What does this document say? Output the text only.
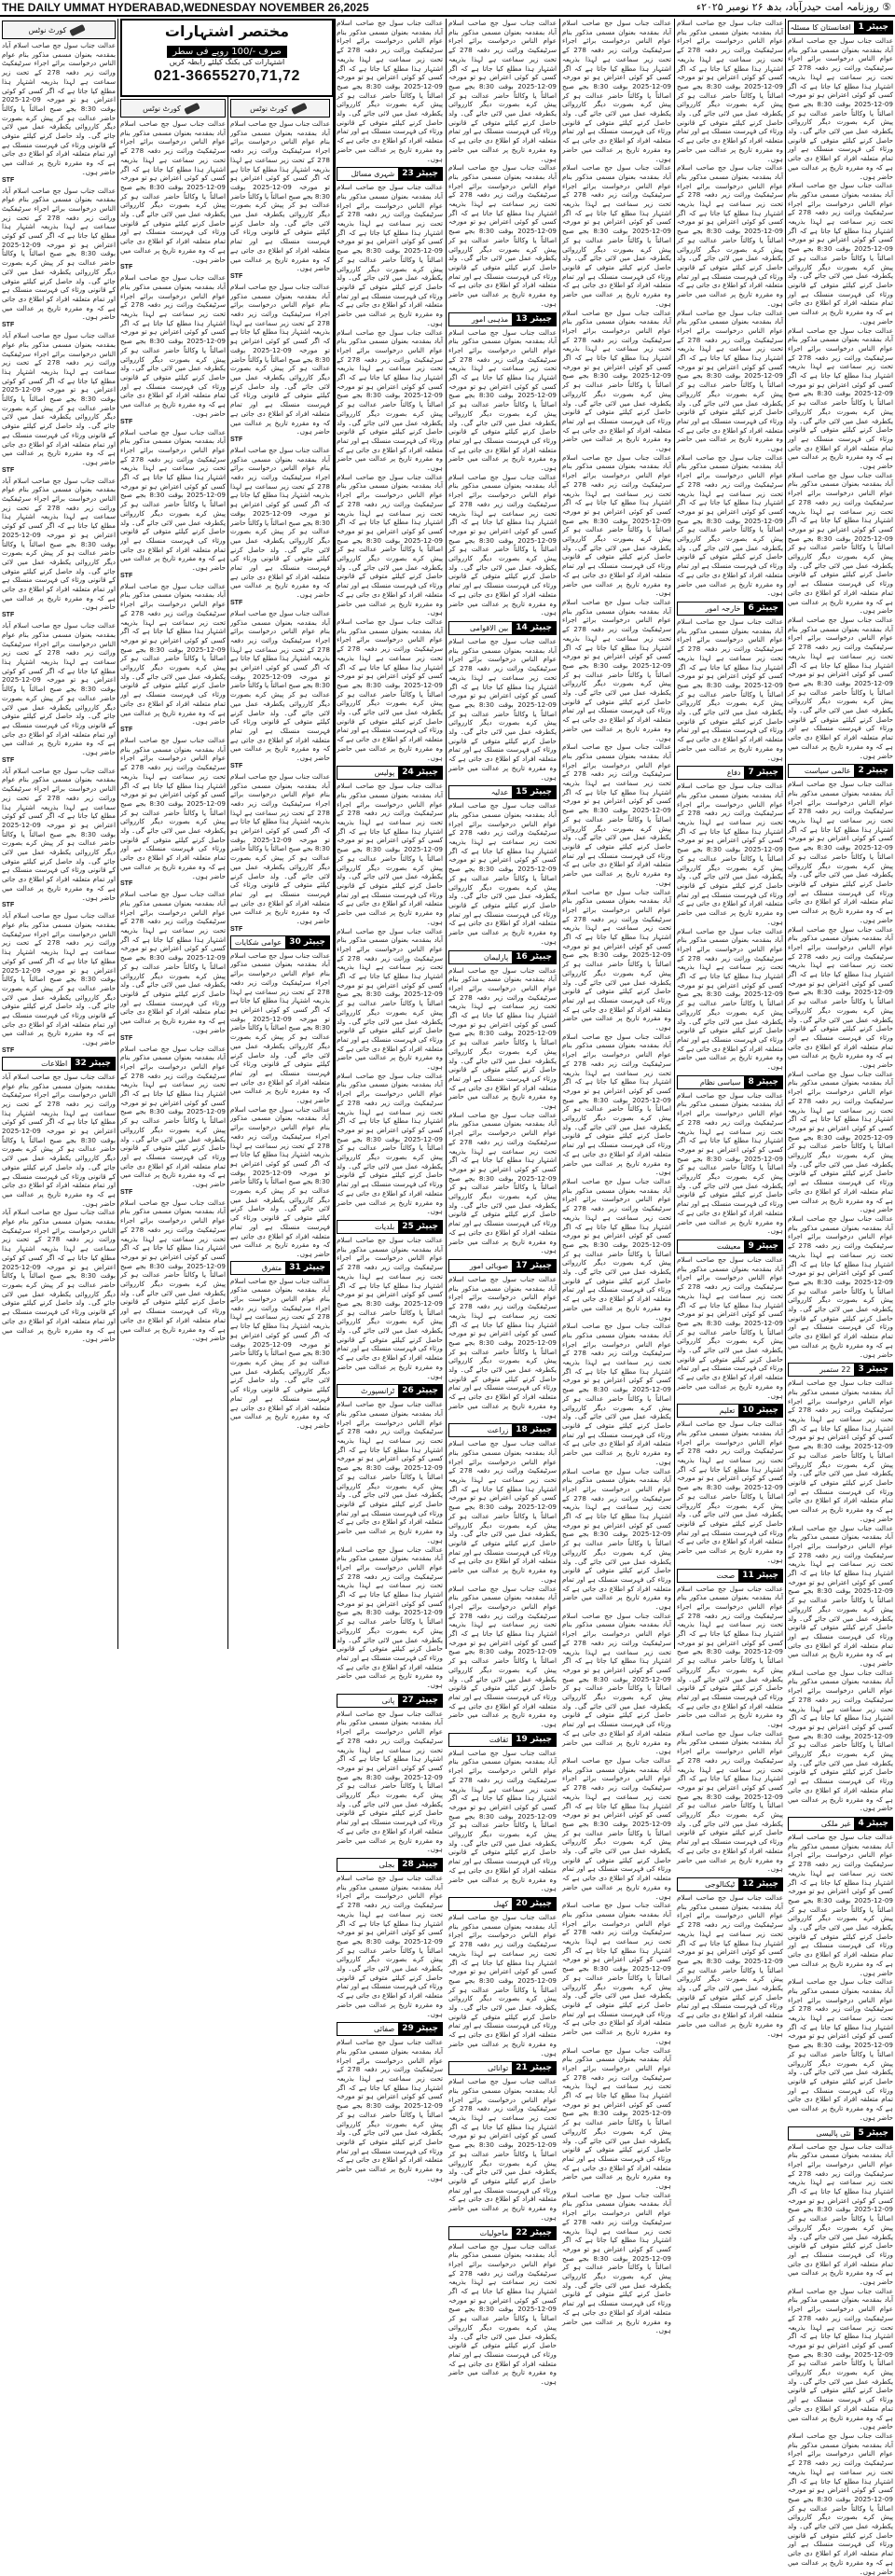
THE DAILY UMMAT HYDERABAD,WEDNESDAY NOVEMBER 26,2025	⑤ روزنامہ امت حیدرآباد، بدھ ۲۶ نومبر ۲۰۲۵ء
چیپٹر 1
افغانستان کا مسئلہ

عدالت جناب سول جج صاحب اسلام آباد بمقدمہ بعنوان مسمی مذکور بنام عوام الناس درخواست برائے اجراء سرٹیفکیٹ وراثت زیر دفعہ 278 کے تحت زیر سماعت ہے لہذا بذریعہ اشتہار ہذا مطلع کیا جاتا ہے کہ اگر کسی کو کوئی اعتراض ہو تو مورخہ 09-12-2025 بوقت 8:30 بجے صبح اصالتاً یا وکالتاً حاضر عدالت ہو کر پیش کرے بصورت دیگر کارروائی یکطرفہ عمل میں لائی جائے گی۔ ولد حاصل کرنے کیلئے متوفی کے قانونی ورثاء کی فہرست منسلک ہے اور تمام متعلقہ افراد کو اطلاع دی جاتی ہے کہ وہ مقررہ تاریخ پر عدالت میں حاضر ہوں۔

عدالت جناب سول جج صاحب اسلام آباد بمقدمہ بعنوان مسمی مذکور بنام عوام الناس درخواست برائے اجراء سرٹیفکیٹ وراثت زیر دفعہ 278 کے تحت زیر سماعت ہے لہذا بذریعہ اشتہار ہذا مطلع کیا جاتا ہے کہ اگر کسی کو کوئی اعتراض ہو تو مورخہ 09-12-2025 بوقت 8:30 بجے صبح اصالتاً یا وکالتاً حاضر عدالت ہو کر پیش کرے بصورت دیگر کارروائی یکطرفہ عمل میں لائی جائے گی۔ ولد حاصل کرنے کیلئے متوفی کے قانونی ورثاء کی فہرست منسلک ہے اور تمام متعلقہ افراد کو اطلاع دی جاتی ہے کہ وہ مقررہ تاریخ پر عدالت میں حاضر ہوں۔

عدالت جناب سول جج صاحب اسلام آباد بمقدمہ بعنوان مسمی مذکور بنام عوام الناس درخواست برائے اجراء سرٹیفکیٹ وراثت زیر دفعہ 278 کے تحت زیر سماعت ہے لہذا بذریعہ اشتہار ہذا مطلع کیا جاتا ہے کہ اگر کسی کو کوئی اعتراض ہو تو مورخہ 09-12-2025 بوقت 8:30 بجے صبح اصالتاً یا وکالتاً حاضر عدالت ہو کر پیش کرے بصورت دیگر کارروائی یکطرفہ عمل میں لائی جائے گی۔ ولد حاصل کرنے کیلئے متوفی کے قانونی ورثاء کی فہرست منسلک ہے اور تمام متعلقہ افراد کو اطلاع دی جاتی ہے کہ وہ مقررہ تاریخ پر عدالت میں حاضر ہوں۔

عدالت جناب سول جج صاحب اسلام آباد بمقدمہ بعنوان مسمی مذکور بنام عوام الناس درخواست برائے اجراء سرٹیفکیٹ وراثت زیر دفعہ 278 کے تحت زیر سماعت ہے لہذا بذریعہ اشتہار ہذا مطلع کیا جاتا ہے کہ اگر کسی کو کوئی اعتراض ہو تو مورخہ 09-12-2025 بوقت 8:30 بجے صبح اصالتاً یا وکالتاً حاضر عدالت ہو کر پیش کرے بصورت دیگر کارروائی یکطرفہ عمل میں لائی جائے گی۔ ولد حاصل کرنے کیلئے متوفی کے قانونی ورثاء کی فہرست منسلک ہے اور تمام متعلقہ افراد کو اطلاع دی جاتی ہے کہ وہ مقررہ تاریخ پر عدالت میں حاضر ہوں۔

عدالت جناب سول جج صاحب اسلام آباد بمقدمہ بعنوان مسمی مذکور بنام عوام الناس درخواست برائے اجراء سرٹیفکیٹ وراثت زیر دفعہ 278 کے تحت زیر سماعت ہے لہذا بذریعہ اشتہار ہذا مطلع کیا جاتا ہے کہ اگر کسی کو کوئی اعتراض ہو تو مورخہ 09-12-2025 بوقت 8:30 بجے صبح اصالتاً یا وکالتاً حاضر عدالت ہو کر پیش کرے بصورت دیگر کارروائی یکطرفہ عمل میں لائی جائے گی۔ ولد حاصل کرنے کیلئے متوفی کے قانونی ورثاء کی فہرست منسلک ہے اور تمام متعلقہ افراد کو اطلاع دی جاتی ہے کہ وہ مقررہ تاریخ پر عدالت میں حاضر ہوں۔

چیپٹر 2
عالمی سیاست

عدالت جناب سول جج صاحب اسلام آباد بمقدمہ بعنوان مسمی مذکور بنام عوام الناس درخواست برائے اجراء سرٹیفکیٹ وراثت زیر دفعہ 278 کے تحت زیر سماعت ہے لہذا بذریعہ اشتہار ہذا مطلع کیا جاتا ہے کہ اگر کسی کو کوئی اعتراض ہو تو مورخہ 09-12-2025 بوقت 8:30 بجے صبح اصالتاً یا وکالتاً حاضر عدالت ہو کر پیش کرے بصورت دیگر کارروائی یکطرفہ عمل میں لائی جائے گی۔ ولد حاصل کرنے کیلئے متوفی کے قانونی ورثاء کی فہرست منسلک ہے اور تمام متعلقہ افراد کو اطلاع دی جاتی ہے کہ وہ مقررہ تاریخ پر عدالت میں حاضر ہوں۔

عدالت جناب سول جج صاحب اسلام آباد بمقدمہ بعنوان مسمی مذکور بنام عوام الناس درخواست برائے اجراء سرٹیفکیٹ وراثت زیر دفعہ 278 کے تحت زیر سماعت ہے لہذا بذریعہ اشتہار ہذا مطلع کیا جاتا ہے کہ اگر کسی کو کوئی اعتراض ہو تو مورخہ 09-12-2025 بوقت 8:30 بجے صبح اصالتاً یا وکالتاً حاضر عدالت ہو کر پیش کرے بصورت دیگر کارروائی یکطرفہ عمل میں لائی جائے گی۔ ولد حاصل کرنے کیلئے متوفی کے قانونی ورثاء کی فہرست منسلک ہے اور تمام متعلقہ افراد کو اطلاع دی جاتی ہے کہ وہ مقررہ تاریخ پر عدالت میں حاضر ہوں۔

عدالت جناب سول جج صاحب اسلام آباد بمقدمہ بعنوان مسمی مذکور بنام عوام الناس درخواست برائے اجراء سرٹیفکیٹ وراثت زیر دفعہ 278 کے تحت زیر سماعت ہے لہذا بذریعہ اشتہار ہذا مطلع کیا جاتا ہے کہ اگر کسی کو کوئی اعتراض ہو تو مورخہ 09-12-2025 بوقت 8:30 بجے صبح اصالتاً یا وکالتاً حاضر عدالت ہو کر پیش کرے بصورت دیگر کارروائی یکطرفہ عمل میں لائی جائے گی۔ ولد حاصل کرنے کیلئے متوفی کے قانونی ورثاء کی فہرست منسلک ہے اور تمام متعلقہ افراد کو اطلاع دی جاتی ہے کہ وہ مقررہ تاریخ پر عدالت میں حاضر ہوں۔

عدالت جناب سول جج صاحب اسلام آباد بمقدمہ بعنوان مسمی مذکور بنام عوام الناس درخواست برائے اجراء سرٹیفکیٹ وراثت زیر دفعہ 278 کے تحت زیر سماعت ہے لہذا بذریعہ اشتہار ہذا مطلع کیا جاتا ہے کہ اگر کسی کو کوئی اعتراض ہو تو مورخہ 09-12-2025 بوقت 8:30 بجے صبح اصالتاً یا وکالتاً حاضر عدالت ہو کر پیش کرے بصورت دیگر کارروائی یکطرفہ عمل میں لائی جائے گی۔ ولد حاصل کرنے کیلئے متوفی کے قانونی ورثاء کی فہرست منسلک ہے اور تمام متعلقہ افراد کو اطلاع دی جاتی ہے کہ وہ مقررہ تاریخ پر عدالت میں حاضر ہوں۔

چیپٹر 3
22 ستمبر

عدالت جناب سول جج صاحب اسلام آباد بمقدمہ بعنوان مسمی مذکور بنام عوام الناس درخواست برائے اجراء سرٹیفکیٹ وراثت زیر دفعہ 278 کے تحت زیر سماعت ہے لہذا بذریعہ اشتہار ہذا مطلع کیا جاتا ہے کہ اگر کسی کو کوئی اعتراض ہو تو مورخہ 09-12-2025 بوقت 8:30 بجے صبح اصالتاً یا وکالتاً حاضر عدالت ہو کر پیش کرے بصورت دیگر کارروائی یکطرفہ عمل میں لائی جائے گی۔ ولد حاصل کرنے کیلئے متوفی کے قانونی ورثاء کی فہرست منسلک ہے اور تمام متعلقہ افراد کو اطلاع دی جاتی ہے کہ وہ مقررہ تاریخ پر عدالت میں حاضر ہوں۔

عدالت جناب سول جج صاحب اسلام آباد بمقدمہ بعنوان مسمی مذکور بنام عوام الناس درخواست برائے اجراء سرٹیفکیٹ وراثت زیر دفعہ 278 کے تحت زیر سماعت ہے لہذا بذریعہ اشتہار ہذا مطلع کیا جاتا ہے کہ اگر کسی کو کوئی اعتراض ہو تو مورخہ 09-12-2025 بوقت 8:30 بجے صبح اصالتاً یا وکالتاً حاضر عدالت ہو کر پیش کرے بصورت دیگر کارروائی یکطرفہ عمل میں لائی جائے گی۔ ولد حاصل کرنے کیلئے متوفی کے قانونی ورثاء کی فہرست منسلک ہے اور تمام متعلقہ افراد کو اطلاع دی جاتی ہے کہ وہ مقررہ تاریخ پر عدالت میں حاضر ہوں۔

عدالت جناب سول جج صاحب اسلام آباد بمقدمہ بعنوان مسمی مذکور بنام عوام الناس درخواست برائے اجراء سرٹیفکیٹ وراثت زیر دفعہ 278 کے تحت زیر سماعت ہے لہذا بذریعہ اشتہار ہذا مطلع کیا جاتا ہے کہ اگر کسی کو کوئی اعتراض ہو تو مورخہ 09-12-2025 بوقت 8:30 بجے صبح اصالتاً یا وکالتاً حاضر عدالت ہو کر پیش کرے بصورت دیگر کارروائی یکطرفہ عمل میں لائی جائے گی۔ ولد حاصل کرنے کیلئے متوفی کے قانونی ورثاء کی فہرست منسلک ہے اور تمام متعلقہ افراد کو اطلاع دی جاتی ہے کہ وہ مقررہ تاریخ پر عدالت میں حاضر ہوں۔

چیپٹر 4
غیر ملکی

عدالت جناب سول جج صاحب اسلام آباد بمقدمہ بعنوان مسمی مذکور بنام عوام الناس درخواست برائے اجراء سرٹیفکیٹ وراثت زیر دفعہ 278 کے تحت زیر سماعت ہے لہذا بذریعہ اشتہار ہذا مطلع کیا جاتا ہے کہ اگر کسی کو کوئی اعتراض ہو تو مورخہ 09-12-2025 بوقت 8:30 بجے صبح اصالتاً یا وکالتاً حاضر عدالت ہو کر پیش کرے بصورت دیگر کارروائی یکطرفہ عمل میں لائی جائے گی۔ ولد حاصل کرنے کیلئے متوفی کے قانونی ورثاء کی فہرست منسلک ہے اور تمام متعلقہ افراد کو اطلاع دی جاتی ہے کہ وہ مقررہ تاریخ پر عدالت میں حاضر ہوں۔

عدالت جناب سول جج صاحب اسلام آباد بمقدمہ بعنوان مسمی مذکور بنام عوام الناس درخواست برائے اجراء سرٹیفکیٹ وراثت زیر دفعہ 278 کے تحت زیر سماعت ہے لہذا بذریعہ اشتہار ہذا مطلع کیا جاتا ہے کہ اگر کسی کو کوئی اعتراض ہو تو مورخہ 09-12-2025 بوقت 8:30 بجے صبح اصالتاً یا وکالتاً حاضر عدالت ہو کر پیش کرے بصورت دیگر کارروائی یکطرفہ عمل میں لائی جائے گی۔ ولد حاصل کرنے کیلئے متوفی کے قانونی ورثاء کی فہرست منسلک ہے اور تمام متعلقہ افراد کو اطلاع دی جاتی ہے کہ وہ مقررہ تاریخ پر عدالت میں حاضر ہوں۔

چیپٹر 5
نئی پالیسی

عدالت جناب سول جج صاحب اسلام آباد بمقدمہ بعنوان مسمی مذکور بنام عوام الناس درخواست برائے اجراء سرٹیفکیٹ وراثت زیر دفعہ 278 کے تحت زیر سماعت ہے لہذا بذریعہ اشتہار ہذا مطلع کیا جاتا ہے کہ اگر کسی کو کوئی اعتراض ہو تو مورخہ 09-12-2025 بوقت 8:30 بجے صبح اصالتاً یا وکالتاً حاضر عدالت ہو کر پیش کرے بصورت دیگر کارروائی یکطرفہ عمل میں لائی جائے گی۔ ولد حاصل کرنے کیلئے متوفی کے قانونی ورثاء کی فہرست منسلک ہے اور تمام متعلقہ افراد کو اطلاع دی جاتی ہے کہ وہ مقررہ تاریخ پر عدالت میں حاضر ہوں۔

عدالت جناب سول جج صاحب اسلام آباد بمقدمہ بعنوان مسمی مذکور بنام عوام الناس درخواست برائے اجراء سرٹیفکیٹ وراثت زیر دفعہ 278 کے تحت زیر سماعت ہے لہذا بذریعہ اشتہار ہذا مطلع کیا جاتا ہے کہ اگر کسی کو کوئی اعتراض ہو تو مورخہ 09-12-2025 بوقت 8:30 بجے صبح اصالتاً یا وکالتاً حاضر عدالت ہو کر پیش کرے بصورت دیگر کارروائی یکطرفہ عمل میں لائی جائے گی۔ ولد حاصل کرنے کیلئے متوفی کے قانونی ورثاء کی فہرست منسلک ہے اور تمام متعلقہ افراد کو اطلاع دی جاتی ہے کہ وہ مقررہ تاریخ پر عدالت میں حاضر ہوں۔

عدالت جناب سول جج صاحب اسلام آباد بمقدمہ بعنوان مسمی مذکور بنام عوام الناس درخواست برائے اجراء سرٹیفکیٹ وراثت زیر دفعہ 278 کے تحت زیر سماعت ہے لہذا بذریعہ اشتہار ہذا مطلع کیا جاتا ہے کہ اگر کسی کو کوئی اعتراض ہو تو مورخہ 09-12-2025 بوقت 8:30 بجے صبح اصالتاً یا وکالتاً حاضر عدالت ہو کر پیش کرے بصورت دیگر کارروائی یکطرفہ عمل میں لائی جائے گی۔ ولد حاصل کرنے کیلئے متوفی کے قانونی ورثاء کی فہرست منسلک ہے اور تمام متعلقہ افراد کو اطلاع دی جاتی ہے کہ وہ مقررہ تاریخ پر عدالت میں حاضر ہوں۔

عدالت جناب سول جج صاحب اسلام آباد بمقدمہ بعنوان مسمی مذکور بنام عوام الناس درخواست برائے اجراء سرٹیفکیٹ وراثت زیر دفعہ 278 کے تحت زیر سماعت ہے لہذا بذریعہ اشتہار ہذا مطلع کیا جاتا ہے کہ اگر کسی کو کوئی اعتراض ہو تو مورخہ 09-12-2025 بوقت 8:30 بجے صبح اصالتاً یا وکالتاً حاضر عدالت ہو کر پیش کرے بصورت دیگر کارروائی یکطرفہ عمل میں لائی جائے گی۔ ولد حاصل کرنے کیلئے متوفی کے قانونی ورثاء کی فہرست منسلک ہے اور تمام متعلقہ افراد کو اطلاع دی جاتی ہے کہ وہ مقررہ تاریخ پر عدالت میں حاضر ہوں۔

عدالت جناب سول جج صاحب اسلام آباد بمقدمہ بعنوان مسمی مذکور بنام عوام الناس درخواست برائے اجراء سرٹیفکیٹ وراثت زیر دفعہ 278 کے تحت زیر سماعت ہے لہذا بذریعہ اشتہار ہذا مطلع کیا جاتا ہے کہ اگر کسی کو کوئی اعتراض ہو تو مورخہ 09-12-2025 بوقت 8:30 بجے صبح اصالتاً یا وکالتاً حاضر عدالت ہو کر پیش کرے بصورت دیگر کارروائی یکطرفہ عمل میں لائی جائے گی۔ ولد حاصل کرنے کیلئے متوفی کے قانونی ورثاء کی فہرست منسلک ہے اور تمام متعلقہ افراد کو اطلاع دی جاتی ہے کہ وہ مقررہ تاریخ پر عدالت میں حاضر ہوں۔

عدالت جناب سول جج صاحب اسلام آباد بمقدمہ بعنوان مسمی مذکور بنام عوام الناس درخواست برائے اجراء سرٹیفکیٹ وراثت زیر دفعہ 278 کے تحت زیر سماعت ہے لہذا بذریعہ اشتہار ہذا مطلع کیا جاتا ہے کہ اگر کسی کو کوئی اعتراض ہو تو مورخہ 09-12-2025 بوقت 8:30 بجے صبح اصالتاً یا وکالتاً حاضر عدالت ہو کر پیش کرے بصورت دیگر کارروائی یکطرفہ عمل میں لائی جائے گی۔ ولد حاصل کرنے کیلئے متوفی کے قانونی ورثاء کی فہرست منسلک ہے اور تمام متعلقہ افراد کو اطلاع دی جاتی ہے کہ وہ مقررہ تاریخ پر عدالت میں حاضر ہوں۔

عدالت جناب سول جج صاحب اسلام آباد بمقدمہ بعنوان مسمی مذکور بنام عوام الناس درخواست برائے اجراء سرٹیفکیٹ وراثت زیر دفعہ 278 کے تحت زیر سماعت ہے لہذا بذریعہ اشتہار ہذا مطلع کیا جاتا ہے کہ اگر کسی کو کوئی اعتراض ہو تو مورخہ 09-12-2025 بوقت 8:30 بجے صبح اصالتاً یا وکالتاً حاضر عدالت ہو کر پیش کرے بصورت دیگر کارروائی یکطرفہ عمل میں لائی جائے گی۔ ولد حاصل کرنے کیلئے متوفی کے قانونی ورثاء کی فہرست منسلک ہے اور تمام متعلقہ افراد کو اطلاع دی جاتی ہے کہ وہ مقررہ تاریخ پر عدالت میں حاضر ہوں۔

چیپٹر 6
خارجہ امور

عدالت جناب سول جج صاحب اسلام آباد بمقدمہ بعنوان مسمی مذکور بنام عوام الناس درخواست برائے اجراء سرٹیفکیٹ وراثت زیر دفعہ 278 کے تحت زیر سماعت ہے لہذا بذریعہ اشتہار ہذا مطلع کیا جاتا ہے کہ اگر کسی کو کوئی اعتراض ہو تو مورخہ 09-12-2025 بوقت 8:30 بجے صبح اصالتاً یا وکالتاً حاضر عدالت ہو کر پیش کرے بصورت دیگر کارروائی یکطرفہ عمل میں لائی جائے گی۔ ولد حاصل کرنے کیلئے متوفی کے قانونی ورثاء کی فہرست منسلک ہے اور تمام متعلقہ افراد کو اطلاع دی جاتی ہے کہ وہ مقررہ تاریخ پر عدالت میں حاضر ہوں۔

چیپٹر 7
دفاع

عدالت جناب سول جج صاحب اسلام آباد بمقدمہ بعنوان مسمی مذکور بنام عوام الناس درخواست برائے اجراء سرٹیفکیٹ وراثت زیر دفعہ 278 کے تحت زیر سماعت ہے لہذا بذریعہ اشتہار ہذا مطلع کیا جاتا ہے کہ اگر کسی کو کوئی اعتراض ہو تو مورخہ 09-12-2025 بوقت 8:30 بجے صبح اصالتاً یا وکالتاً حاضر عدالت ہو کر پیش کرے بصورت دیگر کارروائی یکطرفہ عمل میں لائی جائے گی۔ ولد حاصل کرنے کیلئے متوفی کے قانونی ورثاء کی فہرست منسلک ہے اور تمام متعلقہ افراد کو اطلاع دی جاتی ہے کہ وہ مقررہ تاریخ پر عدالت میں حاضر ہوں۔

عدالت جناب سول جج صاحب اسلام آباد بمقدمہ بعنوان مسمی مذکور بنام عوام الناس درخواست برائے اجراء سرٹیفکیٹ وراثت زیر دفعہ 278 کے تحت زیر سماعت ہے لہذا بذریعہ اشتہار ہذا مطلع کیا جاتا ہے کہ اگر کسی کو کوئی اعتراض ہو تو مورخہ 09-12-2025 بوقت 8:30 بجے صبح اصالتاً یا وکالتاً حاضر عدالت ہو کر پیش کرے بصورت دیگر کارروائی یکطرفہ عمل میں لائی جائے گی۔ ولد حاصل کرنے کیلئے متوفی کے قانونی ورثاء کی فہرست منسلک ہے اور تمام متعلقہ افراد کو اطلاع دی جاتی ہے کہ وہ مقررہ تاریخ پر عدالت میں حاضر ہوں۔

چیپٹر 8
سیاسی نظام

عدالت جناب سول جج صاحب اسلام آباد بمقدمہ بعنوان مسمی مذکور بنام عوام الناس درخواست برائے اجراء سرٹیفکیٹ وراثت زیر دفعہ 278 کے تحت زیر سماعت ہے لہذا بذریعہ اشتہار ہذا مطلع کیا جاتا ہے کہ اگر کسی کو کوئی اعتراض ہو تو مورخہ 09-12-2025 بوقت 8:30 بجے صبح اصالتاً یا وکالتاً حاضر عدالت ہو کر پیش کرے بصورت دیگر کارروائی یکطرفہ عمل میں لائی جائے گی۔ ولد حاصل کرنے کیلئے متوفی کے قانونی ورثاء کی فہرست منسلک ہے اور تمام متعلقہ افراد کو اطلاع دی جاتی ہے کہ وہ مقررہ تاریخ پر عدالت میں حاضر ہوں۔

چیپٹر 9
معیشت

عدالت جناب سول جج صاحب اسلام آباد بمقدمہ بعنوان مسمی مذکور بنام عوام الناس درخواست برائے اجراء سرٹیفکیٹ وراثت زیر دفعہ 278 کے تحت زیر سماعت ہے لہذا بذریعہ اشتہار ہذا مطلع کیا جاتا ہے کہ اگر کسی کو کوئی اعتراض ہو تو مورخہ 09-12-2025 بوقت 8:30 بجے صبح اصالتاً یا وکالتاً حاضر عدالت ہو کر پیش کرے بصورت دیگر کارروائی یکطرفہ عمل میں لائی جائے گی۔ ولد حاصل کرنے کیلئے متوفی کے قانونی ورثاء کی فہرست منسلک ہے اور تمام متعلقہ افراد کو اطلاع دی جاتی ہے کہ وہ مقررہ تاریخ پر عدالت میں حاضر ہوں۔

چیپٹر 10
تعلیم

عدالت جناب سول جج صاحب اسلام آباد بمقدمہ بعنوان مسمی مذکور بنام عوام الناس درخواست برائے اجراء سرٹیفکیٹ وراثت زیر دفعہ 278 کے تحت زیر سماعت ہے لہذا بذریعہ اشتہار ہذا مطلع کیا جاتا ہے کہ اگر کسی کو کوئی اعتراض ہو تو مورخہ 09-12-2025 بوقت 8:30 بجے صبح اصالتاً یا وکالتاً حاضر عدالت ہو کر پیش کرے بصورت دیگر کارروائی یکطرفہ عمل میں لائی جائے گی۔ ولد حاصل کرنے کیلئے متوفی کے قانونی ورثاء کی فہرست منسلک ہے اور تمام متعلقہ افراد کو اطلاع دی جاتی ہے کہ وہ مقررہ تاریخ پر عدالت میں حاضر ہوں۔

چیپٹر 11
صحت

عدالت جناب سول جج صاحب اسلام آباد بمقدمہ بعنوان مسمی مذکور بنام عوام الناس درخواست برائے اجراء سرٹیفکیٹ وراثت زیر دفعہ 278 کے تحت زیر سماعت ہے لہذا بذریعہ اشتہار ہذا مطلع کیا جاتا ہے کہ اگر کسی کو کوئی اعتراض ہو تو مورخہ 09-12-2025 بوقت 8:30 بجے صبح اصالتاً یا وکالتاً حاضر عدالت ہو کر پیش کرے بصورت دیگر کارروائی یکطرفہ عمل میں لائی جائے گی۔ ولد حاصل کرنے کیلئے متوفی کے قانونی ورثاء کی فہرست منسلک ہے اور تمام متعلقہ افراد کو اطلاع دی جاتی ہے کہ وہ مقررہ تاریخ پر عدالت میں حاضر ہوں۔

عدالت جناب سول جج صاحب اسلام آباد بمقدمہ بعنوان مسمی مذکور بنام عوام الناس درخواست برائے اجراء سرٹیفکیٹ وراثت زیر دفعہ 278 کے تحت زیر سماعت ہے لہذا بذریعہ اشتہار ہذا مطلع کیا جاتا ہے کہ اگر کسی کو کوئی اعتراض ہو تو مورخہ 09-12-2025 بوقت 8:30 بجے صبح اصالتاً یا وکالتاً حاضر عدالت ہو کر پیش کرے بصورت دیگر کارروائی یکطرفہ عمل میں لائی جائے گی۔ ولد حاصل کرنے کیلئے متوفی کے قانونی ورثاء کی فہرست منسلک ہے اور تمام متعلقہ افراد کو اطلاع دی جاتی ہے کہ وہ مقررہ تاریخ پر عدالت میں حاضر ہوں۔

چیپٹر 12
ٹیکنالوجی

عدالت جناب سول جج صاحب اسلام آباد بمقدمہ بعنوان مسمی مذکور بنام عوام الناس درخواست برائے اجراء سرٹیفکیٹ وراثت زیر دفعہ 278 کے تحت زیر سماعت ہے لہذا بذریعہ اشتہار ہذا مطلع کیا جاتا ہے کہ اگر کسی کو کوئی اعتراض ہو تو مورخہ 09-12-2025 بوقت 8:30 بجے صبح اصالتاً یا وکالتاً حاضر عدالت ہو کر پیش کرے بصورت دیگر کارروائی یکطرفہ عمل میں لائی جائے گی۔ ولد حاصل کرنے کیلئے متوفی کے قانونی ورثاء کی فہرست منسلک ہے اور تمام متعلقہ افراد کو اطلاع دی جاتی ہے کہ وہ مقررہ تاریخ پر عدالت میں حاضر ہوں۔

عدالت جناب سول جج صاحب اسلام آباد بمقدمہ بعنوان مسمی مذکور بنام عوام الناس درخواست برائے اجراء سرٹیفکیٹ وراثت زیر دفعہ 278 کے تحت زیر سماعت ہے لہذا بذریعہ اشتہار ہذا مطلع کیا جاتا ہے کہ اگر کسی کو کوئی اعتراض ہو تو مورخہ 09-12-2025 بوقت 8:30 بجے صبح اصالتاً یا وکالتاً حاضر عدالت ہو کر پیش کرے بصورت دیگر کارروائی یکطرفہ عمل میں لائی جائے گی۔ ولد حاصل کرنے کیلئے متوفی کے قانونی ورثاء کی فہرست منسلک ہے اور تمام متعلقہ افراد کو اطلاع دی جاتی ہے کہ وہ مقررہ تاریخ پر عدالت میں حاضر ہوں۔

عدالت جناب سول جج صاحب اسلام آباد بمقدمہ بعنوان مسمی مذکور بنام عوام الناس درخواست برائے اجراء سرٹیفکیٹ وراثت زیر دفعہ 278 کے تحت زیر سماعت ہے لہذا بذریعہ اشتہار ہذا مطلع کیا جاتا ہے کہ اگر کسی کو کوئی اعتراض ہو تو مورخہ 09-12-2025 بوقت 8:30 بجے صبح اصالتاً یا وکالتاً حاضر عدالت ہو کر پیش کرے بصورت دیگر کارروائی یکطرفہ عمل میں لائی جائے گی۔ ولد حاصل کرنے کیلئے متوفی کے قانونی ورثاء کی فہرست منسلک ہے اور تمام متعلقہ افراد کو اطلاع دی جاتی ہے کہ وہ مقررہ تاریخ پر عدالت میں حاضر ہوں۔

عدالت جناب سول جج صاحب اسلام آباد بمقدمہ بعنوان مسمی مذکور بنام عوام الناس درخواست برائے اجراء سرٹیفکیٹ وراثت زیر دفعہ 278 کے تحت زیر سماعت ہے لہذا بذریعہ اشتہار ہذا مطلع کیا جاتا ہے کہ اگر کسی کو کوئی اعتراض ہو تو مورخہ 09-12-2025 بوقت 8:30 بجے صبح اصالتاً یا وکالتاً حاضر عدالت ہو کر پیش کرے بصورت دیگر کارروائی یکطرفہ عمل میں لائی جائے گی۔ ولد حاصل کرنے کیلئے متوفی کے قانونی ورثاء کی فہرست منسلک ہے اور تمام متعلقہ افراد کو اطلاع دی جاتی ہے کہ وہ مقررہ تاریخ پر عدالت میں حاضر ہوں۔

عدالت جناب سول جج صاحب اسلام آباد بمقدمہ بعنوان مسمی مذکور بنام عوام الناس درخواست برائے اجراء سرٹیفکیٹ وراثت زیر دفعہ 278 کے تحت زیر سماعت ہے لہذا بذریعہ اشتہار ہذا مطلع کیا جاتا ہے کہ اگر کسی کو کوئی اعتراض ہو تو مورخہ 09-12-2025 بوقت 8:30 بجے صبح اصالتاً یا وکالتاً حاضر عدالت ہو کر پیش کرے بصورت دیگر کارروائی یکطرفہ عمل میں لائی جائے گی۔ ولد حاصل کرنے کیلئے متوفی کے قانونی ورثاء کی فہرست منسلک ہے اور تمام متعلقہ افراد کو اطلاع دی جاتی ہے کہ وہ مقررہ تاریخ پر عدالت میں حاضر ہوں۔

عدالت جناب سول جج صاحب اسلام آباد بمقدمہ بعنوان مسمی مذکور بنام عوام الناس درخواست برائے اجراء سرٹیفکیٹ وراثت زیر دفعہ 278 کے تحت زیر سماعت ہے لہذا بذریعہ اشتہار ہذا مطلع کیا جاتا ہے کہ اگر کسی کو کوئی اعتراض ہو تو مورخہ 09-12-2025 بوقت 8:30 بجے صبح اصالتاً یا وکالتاً حاضر عدالت ہو کر پیش کرے بصورت دیگر کارروائی یکطرفہ عمل میں لائی جائے گی۔ ولد حاصل کرنے کیلئے متوفی کے قانونی ورثاء کی فہرست منسلک ہے اور تمام متعلقہ افراد کو اطلاع دی جاتی ہے کہ وہ مقررہ تاریخ پر عدالت میں حاضر ہوں۔

عدالت جناب سول جج صاحب اسلام آباد بمقدمہ بعنوان مسمی مذکور بنام عوام الناس درخواست برائے اجراء سرٹیفکیٹ وراثت زیر دفعہ 278 کے تحت زیر سماعت ہے لہذا بذریعہ اشتہار ہذا مطلع کیا جاتا ہے کہ اگر کسی کو کوئی اعتراض ہو تو مورخہ 09-12-2025 بوقت 8:30 بجے صبح اصالتاً یا وکالتاً حاضر عدالت ہو کر پیش کرے بصورت دیگر کارروائی یکطرفہ عمل میں لائی جائے گی۔ ولد حاصل کرنے کیلئے متوفی کے قانونی ورثاء کی فہرست منسلک ہے اور تمام متعلقہ افراد کو اطلاع دی جاتی ہے کہ وہ مقررہ تاریخ پر عدالت میں حاضر ہوں۔

عدالت جناب سول جج صاحب اسلام آباد بمقدمہ بعنوان مسمی مذکور بنام عوام الناس درخواست برائے اجراء سرٹیفکیٹ وراثت زیر دفعہ 278 کے تحت زیر سماعت ہے لہذا بذریعہ اشتہار ہذا مطلع کیا جاتا ہے کہ اگر کسی کو کوئی اعتراض ہو تو مورخہ 09-12-2025 بوقت 8:30 بجے صبح اصالتاً یا وکالتاً حاضر عدالت ہو کر پیش کرے بصورت دیگر کارروائی یکطرفہ عمل میں لائی جائے گی۔ ولد حاصل کرنے کیلئے متوفی کے قانونی ورثاء کی فہرست منسلک ہے اور تمام متعلقہ افراد کو اطلاع دی جاتی ہے کہ وہ مقررہ تاریخ پر عدالت میں حاضر ہوں۔

عدالت جناب سول جج صاحب اسلام آباد بمقدمہ بعنوان مسمی مذکور بنام عوام الناس درخواست برائے اجراء سرٹیفکیٹ وراثت زیر دفعہ 278 کے تحت زیر سماعت ہے لہذا بذریعہ اشتہار ہذا مطلع کیا جاتا ہے کہ اگر کسی کو کوئی اعتراض ہو تو مورخہ 09-12-2025 بوقت 8:30 بجے صبح اصالتاً یا وکالتاً حاضر عدالت ہو کر پیش کرے بصورت دیگر کارروائی یکطرفہ عمل میں لائی جائے گی۔ ولد حاصل کرنے کیلئے متوفی کے قانونی ورثاء کی فہرست منسلک ہے اور تمام متعلقہ افراد کو اطلاع دی جاتی ہے کہ وہ مقررہ تاریخ پر عدالت میں حاضر ہوں۔

عدالت جناب سول جج صاحب اسلام آباد بمقدمہ بعنوان مسمی مذکور بنام عوام الناس درخواست برائے اجراء سرٹیفکیٹ وراثت زیر دفعہ 278 کے تحت زیر سماعت ہے لہذا بذریعہ اشتہار ہذا مطلع کیا جاتا ہے کہ اگر کسی کو کوئی اعتراض ہو تو مورخہ 09-12-2025 بوقت 8:30 بجے صبح اصالتاً یا وکالتاً حاضر عدالت ہو کر پیش کرے بصورت دیگر کارروائی یکطرفہ عمل میں لائی جائے گی۔ ولد حاصل کرنے کیلئے متوفی کے قانونی ورثاء کی فہرست منسلک ہے اور تمام متعلقہ افراد کو اطلاع دی جاتی ہے کہ وہ مقررہ تاریخ پر عدالت میں حاضر ہوں۔

عدالت جناب سول جج صاحب اسلام آباد بمقدمہ بعنوان مسمی مذکور بنام عوام الناس درخواست برائے اجراء سرٹیفکیٹ وراثت زیر دفعہ 278 کے تحت زیر سماعت ہے لہذا بذریعہ اشتہار ہذا مطلع کیا جاتا ہے کہ اگر کسی کو کوئی اعتراض ہو تو مورخہ 09-12-2025 بوقت 8:30 بجے صبح اصالتاً یا وکالتاً حاضر عدالت ہو کر پیش کرے بصورت دیگر کارروائی یکطرفہ عمل میں لائی جائے گی۔ ولد حاصل کرنے کیلئے متوفی کے قانونی ورثاء کی فہرست منسلک ہے اور تمام متعلقہ افراد کو اطلاع دی جاتی ہے کہ وہ مقررہ تاریخ پر عدالت میں حاضر ہوں۔

عدالت جناب سول جج صاحب اسلام آباد بمقدمہ بعنوان مسمی مذکور بنام عوام الناس درخواست برائے اجراء سرٹیفکیٹ وراثت زیر دفعہ 278 کے تحت زیر سماعت ہے لہذا بذریعہ اشتہار ہذا مطلع کیا جاتا ہے کہ اگر کسی کو کوئی اعتراض ہو تو مورخہ 09-12-2025 بوقت 8:30 بجے صبح اصالتاً یا وکالتاً حاضر عدالت ہو کر پیش کرے بصورت دیگر کارروائی یکطرفہ عمل میں لائی جائے گی۔ ولد حاصل کرنے کیلئے متوفی کے قانونی ورثاء کی فہرست منسلک ہے اور تمام متعلقہ افراد کو اطلاع دی جاتی ہے کہ وہ مقررہ تاریخ پر عدالت میں حاضر ہوں۔

عدالت جناب سول جج صاحب اسلام آباد بمقدمہ بعنوان مسمی مذکور بنام عوام الناس درخواست برائے اجراء سرٹیفکیٹ وراثت زیر دفعہ 278 کے تحت زیر سماعت ہے لہذا بذریعہ اشتہار ہذا مطلع کیا جاتا ہے کہ اگر کسی کو کوئی اعتراض ہو تو مورخہ 09-12-2025 بوقت 8:30 بجے صبح اصالتاً یا وکالتاً حاضر عدالت ہو کر پیش کرے بصورت دیگر کارروائی یکطرفہ عمل میں لائی جائے گی۔ ولد حاصل کرنے کیلئے متوفی کے قانونی ورثاء کی فہرست منسلک ہے اور تمام متعلقہ افراد کو اطلاع دی جاتی ہے کہ وہ مقررہ تاریخ پر عدالت میں حاضر ہوں۔

عدالت جناب سول جج صاحب اسلام آباد بمقدمہ بعنوان مسمی مذکور بنام عوام الناس درخواست برائے اجراء سرٹیفکیٹ وراثت زیر دفعہ 278 کے تحت زیر سماعت ہے لہذا بذریعہ اشتہار ہذا مطلع کیا جاتا ہے کہ اگر کسی کو کوئی اعتراض ہو تو مورخہ 09-12-2025 بوقت 8:30 بجے صبح اصالتاً یا وکالتاً حاضر عدالت ہو کر پیش کرے بصورت دیگر کارروائی یکطرفہ عمل میں لائی جائے گی۔ ولد حاصل کرنے کیلئے متوفی کے قانونی ورثاء کی فہرست منسلک ہے اور تمام متعلقہ افراد کو اطلاع دی جاتی ہے کہ وہ مقررہ تاریخ پر عدالت میں حاضر ہوں۔

عدالت جناب سول جج صاحب اسلام آباد بمقدمہ بعنوان مسمی مذکور بنام عوام الناس درخواست برائے اجراء سرٹیفکیٹ وراثت زیر دفعہ 278 کے تحت زیر سماعت ہے لہذا بذریعہ اشتہار ہذا مطلع کیا جاتا ہے کہ اگر کسی کو کوئی اعتراض ہو تو مورخہ 09-12-2025 بوقت 8:30 بجے صبح اصالتاً یا وکالتاً حاضر عدالت ہو کر پیش کرے بصورت دیگر کارروائی یکطرفہ عمل میں لائی جائے گی۔ ولد حاصل کرنے کیلئے متوفی کے قانونی ورثاء کی فہرست منسلک ہے اور تمام متعلقہ افراد کو اطلاع دی جاتی ہے کہ وہ مقررہ تاریخ پر عدالت میں حاضر ہوں۔

عدالت جناب سول جج صاحب اسلام آباد بمقدمہ بعنوان مسمی مذکور بنام عوام الناس درخواست برائے اجراء سرٹیفکیٹ وراثت زیر دفعہ 278 کے تحت زیر سماعت ہے لہذا بذریعہ اشتہار ہذا مطلع کیا جاتا ہے کہ اگر کسی کو کوئی اعتراض ہو تو مورخہ 09-12-2025 بوقت 8:30 بجے صبح اصالتاً یا وکالتاً حاضر عدالت ہو کر پیش کرے بصورت دیگر کارروائی یکطرفہ عمل میں لائی جائے گی۔ ولد حاصل کرنے کیلئے متوفی کے قانونی ورثاء کی فہرست منسلک ہے اور تمام متعلقہ افراد کو اطلاع دی جاتی ہے کہ وہ مقررہ تاریخ پر عدالت میں حاضر ہوں۔

عدالت جناب سول جج صاحب اسلام آباد بمقدمہ بعنوان مسمی مذکور بنام عوام الناس درخواست برائے اجراء سرٹیفکیٹ وراثت زیر دفعہ 278 کے تحت زیر سماعت ہے لہذا بذریعہ اشتہار ہذا مطلع کیا جاتا ہے کہ اگر کسی کو کوئی اعتراض ہو تو مورخہ 09-12-2025 بوقت 8:30 بجے صبح اصالتاً یا وکالتاً حاضر عدالت ہو کر پیش کرے بصورت دیگر کارروائی یکطرفہ عمل میں لائی جائے گی۔ ولد حاصل کرنے کیلئے متوفی کے قانونی ورثاء کی فہرست منسلک ہے اور تمام متعلقہ افراد کو اطلاع دی جاتی ہے کہ وہ مقررہ تاریخ پر عدالت میں حاضر ہوں۔

عدالت جناب سول جج صاحب اسلام آباد بمقدمہ بعنوان مسمی مذکور بنام عوام الناس درخواست برائے اجراء سرٹیفکیٹ وراثت زیر دفعہ 278 کے تحت زیر سماعت ہے لہذا بذریعہ اشتہار ہذا مطلع کیا جاتا ہے کہ اگر کسی کو کوئی اعتراض ہو تو مورخہ 09-12-2025 بوقت 8:30 بجے صبح اصالتاً یا وکالتاً حاضر عدالت ہو کر پیش کرے بصورت دیگر کارروائی یکطرفہ عمل میں لائی جائے گی۔ ولد حاصل کرنے کیلئے متوفی کے قانونی ورثاء کی فہرست منسلک ہے اور تمام متعلقہ افراد کو اطلاع دی جاتی ہے کہ وہ مقررہ تاریخ پر عدالت میں حاضر ہوں۔

عدالت جناب سول جج صاحب اسلام آباد بمقدمہ بعنوان مسمی مذکور بنام عوام الناس درخواست برائے اجراء سرٹیفکیٹ وراثت زیر دفعہ 278 کے تحت زیر سماعت ہے لہذا بذریعہ اشتہار ہذا مطلع کیا جاتا ہے کہ اگر کسی کو کوئی اعتراض ہو تو مورخہ 09-12-2025 بوقت 8:30 بجے صبح اصالتاً یا وکالتاً حاضر عدالت ہو کر پیش کرے بصورت دیگر کارروائی یکطرفہ عمل میں لائی جائے گی۔ ولد حاصل کرنے کیلئے متوفی کے قانونی ورثاء کی فہرست منسلک ہے اور تمام متعلقہ افراد کو اطلاع دی جاتی ہے کہ وہ مقررہ تاریخ پر عدالت میں حاضر ہوں۔

چیپٹر 13
مذہبی امور

عدالت جناب سول جج صاحب اسلام آباد بمقدمہ بعنوان مسمی مذکور بنام عوام الناس درخواست برائے اجراء سرٹیفکیٹ وراثت زیر دفعہ 278 کے تحت زیر سماعت ہے لہذا بذریعہ اشتہار ہذا مطلع کیا جاتا ہے کہ اگر کسی کو کوئی اعتراض ہو تو مورخہ 09-12-2025 بوقت 8:30 بجے صبح اصالتاً یا وکالتاً حاضر عدالت ہو کر پیش کرے بصورت دیگر کارروائی یکطرفہ عمل میں لائی جائے گی۔ ولد حاصل کرنے کیلئے متوفی کے قانونی ورثاء کی فہرست منسلک ہے اور تمام متعلقہ افراد کو اطلاع دی جاتی ہے کہ وہ مقررہ تاریخ پر عدالت میں حاضر ہوں۔

عدالت جناب سول جج صاحب اسلام آباد بمقدمہ بعنوان مسمی مذکور بنام عوام الناس درخواست برائے اجراء سرٹیفکیٹ وراثت زیر دفعہ 278 کے تحت زیر سماعت ہے لہذا بذریعہ اشتہار ہذا مطلع کیا جاتا ہے کہ اگر کسی کو کوئی اعتراض ہو تو مورخہ 09-12-2025 بوقت 8:30 بجے صبح اصالتاً یا وکالتاً حاضر عدالت ہو کر پیش کرے بصورت دیگر کارروائی یکطرفہ عمل میں لائی جائے گی۔ ولد حاصل کرنے کیلئے متوفی کے قانونی ورثاء کی فہرست منسلک ہے اور تمام متعلقہ افراد کو اطلاع دی جاتی ہے کہ وہ مقررہ تاریخ پر عدالت میں حاضر ہوں۔

چیپٹر 14
بین الاقوامی

عدالت جناب سول جج صاحب اسلام آباد بمقدمہ بعنوان مسمی مذکور بنام عوام الناس درخواست برائے اجراء سرٹیفکیٹ وراثت زیر دفعہ 278 کے تحت زیر سماعت ہے لہذا بذریعہ اشتہار ہذا مطلع کیا جاتا ہے کہ اگر کسی کو کوئی اعتراض ہو تو مورخہ 09-12-2025 بوقت 8:30 بجے صبح اصالتاً یا وکالتاً حاضر عدالت ہو کر پیش کرے بصورت دیگر کارروائی یکطرفہ عمل میں لائی جائے گی۔ ولد حاصل کرنے کیلئے متوفی کے قانونی ورثاء کی فہرست منسلک ہے اور تمام متعلقہ افراد کو اطلاع دی جاتی ہے کہ وہ مقررہ تاریخ پر عدالت میں حاضر ہوں۔

چیپٹر 15
عدلیہ

عدالت جناب سول جج صاحب اسلام آباد بمقدمہ بعنوان مسمی مذکور بنام عوام الناس درخواست برائے اجراء سرٹیفکیٹ وراثت زیر دفعہ 278 کے تحت زیر سماعت ہے لہذا بذریعہ اشتہار ہذا مطلع کیا جاتا ہے کہ اگر کسی کو کوئی اعتراض ہو تو مورخہ 09-12-2025 بوقت 8:30 بجے صبح اصالتاً یا وکالتاً حاضر عدالت ہو کر پیش کرے بصورت دیگر کارروائی یکطرفہ عمل میں لائی جائے گی۔ ولد حاصل کرنے کیلئے متوفی کے قانونی ورثاء کی فہرست منسلک ہے اور تمام متعلقہ افراد کو اطلاع دی جاتی ہے کہ وہ مقررہ تاریخ پر عدالت میں حاضر ہوں۔

چیپٹر 16
پارلیمان

عدالت جناب سول جج صاحب اسلام آباد بمقدمہ بعنوان مسمی مذکور بنام عوام الناس درخواست برائے اجراء سرٹیفکیٹ وراثت زیر دفعہ 278 کے تحت زیر سماعت ہے لہذا بذریعہ اشتہار ہذا مطلع کیا جاتا ہے کہ اگر کسی کو کوئی اعتراض ہو تو مورخہ 09-12-2025 بوقت 8:30 بجے صبح اصالتاً یا وکالتاً حاضر عدالت ہو کر پیش کرے بصورت دیگر کارروائی یکطرفہ عمل میں لائی جائے گی۔ ولد حاصل کرنے کیلئے متوفی کے قانونی ورثاء کی فہرست منسلک ہے اور تمام متعلقہ افراد کو اطلاع دی جاتی ہے کہ وہ مقررہ تاریخ پر عدالت میں حاضر ہوں۔

عدالت جناب سول جج صاحب اسلام آباد بمقدمہ بعنوان مسمی مذکور بنام عوام الناس درخواست برائے اجراء سرٹیفکیٹ وراثت زیر دفعہ 278 کے تحت زیر سماعت ہے لہذا بذریعہ اشتہار ہذا مطلع کیا جاتا ہے کہ اگر کسی کو کوئی اعتراض ہو تو مورخہ 09-12-2025 بوقت 8:30 بجے صبح اصالتاً یا وکالتاً حاضر عدالت ہو کر پیش کرے بصورت دیگر کارروائی یکطرفہ عمل میں لائی جائے گی۔ ولد حاصل کرنے کیلئے متوفی کے قانونی ورثاء کی فہرست منسلک ہے اور تمام متعلقہ افراد کو اطلاع دی جاتی ہے کہ وہ مقررہ تاریخ پر عدالت میں حاضر ہوں۔

چیپٹر 17
صوبائی امور

عدالت جناب سول جج صاحب اسلام آباد بمقدمہ بعنوان مسمی مذکور بنام عوام الناس درخواست برائے اجراء سرٹیفکیٹ وراثت زیر دفعہ 278 کے تحت زیر سماعت ہے لہذا بذریعہ اشتہار ہذا مطلع کیا جاتا ہے کہ اگر کسی کو کوئی اعتراض ہو تو مورخہ 09-12-2025 بوقت 8:30 بجے صبح اصالتاً یا وکالتاً حاضر عدالت ہو کر پیش کرے بصورت دیگر کارروائی یکطرفہ عمل میں لائی جائے گی۔ ولد حاصل کرنے کیلئے متوفی کے قانونی ورثاء کی فہرست منسلک ہے اور تمام متعلقہ افراد کو اطلاع دی جاتی ہے کہ وہ مقررہ تاریخ پر عدالت میں حاضر ہوں۔

چیپٹر 18
زراعت

عدالت جناب سول جج صاحب اسلام آباد بمقدمہ بعنوان مسمی مذکور بنام عوام الناس درخواست برائے اجراء سرٹیفکیٹ وراثت زیر دفعہ 278 کے تحت زیر سماعت ہے لہذا بذریعہ اشتہار ہذا مطلع کیا جاتا ہے کہ اگر کسی کو کوئی اعتراض ہو تو مورخہ 09-12-2025 بوقت 8:30 بجے صبح اصالتاً یا وکالتاً حاضر عدالت ہو کر پیش کرے بصورت دیگر کارروائی یکطرفہ عمل میں لائی جائے گی۔ ولد حاصل کرنے کیلئے متوفی کے قانونی ورثاء کی فہرست منسلک ہے اور تمام متعلقہ افراد کو اطلاع دی جاتی ہے کہ وہ مقررہ تاریخ پر عدالت میں حاضر ہوں۔

عدالت جناب سول جج صاحب اسلام آباد بمقدمہ بعنوان مسمی مذکور بنام عوام الناس درخواست برائے اجراء سرٹیفکیٹ وراثت زیر دفعہ 278 کے تحت زیر سماعت ہے لہذا بذریعہ اشتہار ہذا مطلع کیا جاتا ہے کہ اگر کسی کو کوئی اعتراض ہو تو مورخہ 09-12-2025 بوقت 8:30 بجے صبح اصالتاً یا وکالتاً حاضر عدالت ہو کر پیش کرے بصورت دیگر کارروائی یکطرفہ عمل میں لائی جائے گی۔ ولد حاصل کرنے کیلئے متوفی کے قانونی ورثاء کی فہرست منسلک ہے اور تمام متعلقہ افراد کو اطلاع دی جاتی ہے کہ وہ مقررہ تاریخ پر عدالت میں حاضر ہوں۔

چیپٹر 19
ثقافت

عدالت جناب سول جج صاحب اسلام آباد بمقدمہ بعنوان مسمی مذکور بنام عوام الناس درخواست برائے اجراء سرٹیفکیٹ وراثت زیر دفعہ 278 کے تحت زیر سماعت ہے لہذا بذریعہ اشتہار ہذا مطلع کیا جاتا ہے کہ اگر کسی کو کوئی اعتراض ہو تو مورخہ 09-12-2025 بوقت 8:30 بجے صبح اصالتاً یا وکالتاً حاضر عدالت ہو کر پیش کرے بصورت دیگر کارروائی یکطرفہ عمل میں لائی جائے گی۔ ولد حاصل کرنے کیلئے متوفی کے قانونی ورثاء کی فہرست منسلک ہے اور تمام متعلقہ افراد کو اطلاع دی جاتی ہے کہ وہ مقررہ تاریخ پر عدالت میں حاضر ہوں۔

چیپٹر 20
کھیل

عدالت جناب سول جج صاحب اسلام آباد بمقدمہ بعنوان مسمی مذکور بنام عوام الناس درخواست برائے اجراء سرٹیفکیٹ وراثت زیر دفعہ 278 کے تحت زیر سماعت ہے لہذا بذریعہ اشتہار ہذا مطلع کیا جاتا ہے کہ اگر کسی کو کوئی اعتراض ہو تو مورخہ 09-12-2025 بوقت 8:30 بجے صبح اصالتاً یا وکالتاً حاضر عدالت ہو کر پیش کرے بصورت دیگر کارروائی یکطرفہ عمل میں لائی جائے گی۔ ولد حاصل کرنے کیلئے متوفی کے قانونی ورثاء کی فہرست منسلک ہے اور تمام متعلقہ افراد کو اطلاع دی جاتی ہے کہ وہ مقررہ تاریخ پر عدالت میں حاضر ہوں۔

چیپٹر 21
توانائی

عدالت جناب سول جج صاحب اسلام آباد بمقدمہ بعنوان مسمی مذکور بنام عوام الناس درخواست برائے اجراء سرٹیفکیٹ وراثت زیر دفعہ 278 کے تحت زیر سماعت ہے لہذا بذریعہ اشتہار ہذا مطلع کیا جاتا ہے کہ اگر کسی کو کوئی اعتراض ہو تو مورخہ 09-12-2025 بوقت 8:30 بجے صبح اصالتاً یا وکالتاً حاضر عدالت ہو کر پیش کرے بصورت دیگر کارروائی یکطرفہ عمل میں لائی جائے گی۔ ولد حاصل کرنے کیلئے متوفی کے قانونی ورثاء کی فہرست منسلک ہے اور تمام متعلقہ افراد کو اطلاع دی جاتی ہے کہ وہ مقررہ تاریخ پر عدالت میں حاضر ہوں۔

چیپٹر 22
ماحولیات

عدالت جناب سول جج صاحب اسلام آباد بمقدمہ بعنوان مسمی مذکور بنام عوام الناس درخواست برائے اجراء سرٹیفکیٹ وراثت زیر دفعہ 278 کے تحت زیر سماعت ہے لہذا بذریعہ اشتہار ہذا مطلع کیا جاتا ہے کہ اگر کسی کو کوئی اعتراض ہو تو مورخہ 09-12-2025 بوقت 8:30 بجے صبح اصالتاً یا وکالتاً حاضر عدالت ہو کر پیش کرے بصورت دیگر کارروائی یکطرفہ عمل میں لائی جائے گی۔ ولد حاصل کرنے کیلئے متوفی کے قانونی ورثاء کی فہرست منسلک ہے اور تمام متعلقہ افراد کو اطلاع دی جاتی ہے کہ وہ مقررہ تاریخ پر عدالت میں حاضر ہوں۔

عدالت جناب سول جج صاحب اسلام آباد بمقدمہ بعنوان مسمی مذکور بنام عوام الناس درخواست برائے اجراء سرٹیفکیٹ وراثت زیر دفعہ 278 کے تحت زیر سماعت ہے لہذا بذریعہ اشتہار ہذا مطلع کیا جاتا ہے کہ اگر کسی کو کوئی اعتراض ہو تو مورخہ 09-12-2025 بوقت 8:30 بجے صبح اصالتاً یا وکالتاً حاضر عدالت ہو کر پیش کرے بصورت دیگر کارروائی یکطرفہ عمل میں لائی جائے گی۔ ولد حاصل کرنے کیلئے متوفی کے قانونی ورثاء کی فہرست منسلک ہے اور تمام متعلقہ افراد کو اطلاع دی جاتی ہے کہ وہ مقررہ تاریخ پر عدالت میں حاضر ہوں۔

چیپٹر 23
شہری مسائل

عدالت جناب سول جج صاحب اسلام آباد بمقدمہ بعنوان مسمی مذکور بنام عوام الناس درخواست برائے اجراء سرٹیفکیٹ وراثت زیر دفعہ 278 کے تحت زیر سماعت ہے لہذا بذریعہ اشتہار ہذا مطلع کیا جاتا ہے کہ اگر کسی کو کوئی اعتراض ہو تو مورخہ 09-12-2025 بوقت 8:30 بجے صبح اصالتاً یا وکالتاً حاضر عدالت ہو کر پیش کرے بصورت دیگر کارروائی یکطرفہ عمل میں لائی جائے گی۔ ولد حاصل کرنے کیلئے متوفی کے قانونی ورثاء کی فہرست منسلک ہے اور تمام متعلقہ افراد کو اطلاع دی جاتی ہے کہ وہ مقررہ تاریخ پر عدالت میں حاضر ہوں۔

عدالت جناب سول جج صاحب اسلام آباد بمقدمہ بعنوان مسمی مذکور بنام عوام الناس درخواست برائے اجراء سرٹیفکیٹ وراثت زیر دفعہ 278 کے تحت زیر سماعت ہے لہذا بذریعہ اشتہار ہذا مطلع کیا جاتا ہے کہ اگر کسی کو کوئی اعتراض ہو تو مورخہ 09-12-2025 بوقت 8:30 بجے صبح اصالتاً یا وکالتاً حاضر عدالت ہو کر پیش کرے بصورت دیگر کارروائی یکطرفہ عمل میں لائی جائے گی۔ ولد حاصل کرنے کیلئے متوفی کے قانونی ورثاء کی فہرست منسلک ہے اور تمام متعلقہ افراد کو اطلاع دی جاتی ہے کہ وہ مقررہ تاریخ پر عدالت میں حاضر ہوں۔

عدالت جناب سول جج صاحب اسلام آباد بمقدمہ بعنوان مسمی مذکور بنام عوام الناس درخواست برائے اجراء سرٹیفکیٹ وراثت زیر دفعہ 278 کے تحت زیر سماعت ہے لہذا بذریعہ اشتہار ہذا مطلع کیا جاتا ہے کہ اگر کسی کو کوئی اعتراض ہو تو مورخہ 09-12-2025 بوقت 8:30 بجے صبح اصالتاً یا وکالتاً حاضر عدالت ہو کر پیش کرے بصورت دیگر کارروائی یکطرفہ عمل میں لائی جائے گی۔ ولد حاصل کرنے کیلئے متوفی کے قانونی ورثاء کی فہرست منسلک ہے اور تمام متعلقہ افراد کو اطلاع دی جاتی ہے کہ وہ مقررہ تاریخ پر عدالت میں حاضر ہوں۔

عدالت جناب سول جج صاحب اسلام آباد بمقدمہ بعنوان مسمی مذکور بنام عوام الناس درخواست برائے اجراء سرٹیفکیٹ وراثت زیر دفعہ 278 کے تحت زیر سماعت ہے لہذا بذریعہ اشتہار ہذا مطلع کیا جاتا ہے کہ اگر کسی کو کوئی اعتراض ہو تو مورخہ 09-12-2025 بوقت 8:30 بجے صبح اصالتاً یا وکالتاً حاضر عدالت ہو کر پیش کرے بصورت دیگر کارروائی یکطرفہ عمل میں لائی جائے گی۔ ولد حاصل کرنے کیلئے متوفی کے قانونی ورثاء کی فہرست منسلک ہے اور تمام متعلقہ افراد کو اطلاع دی جاتی ہے کہ وہ مقررہ تاریخ پر عدالت میں حاضر ہوں۔

چیپٹر 24
پولیس

عدالت جناب سول جج صاحب اسلام آباد بمقدمہ بعنوان مسمی مذکور بنام عوام الناس درخواست برائے اجراء سرٹیفکیٹ وراثت زیر دفعہ 278 کے تحت زیر سماعت ہے لہذا بذریعہ اشتہار ہذا مطلع کیا جاتا ہے کہ اگر کسی کو کوئی اعتراض ہو تو مورخہ 09-12-2025 بوقت 8:30 بجے صبح اصالتاً یا وکالتاً حاضر عدالت ہو کر پیش کرے بصورت دیگر کارروائی یکطرفہ عمل میں لائی جائے گی۔ ولد حاصل کرنے کیلئے متوفی کے قانونی ورثاء کی فہرست منسلک ہے اور تمام متعلقہ افراد کو اطلاع دی جاتی ہے کہ وہ مقررہ تاریخ پر عدالت میں حاضر ہوں۔

عدالت جناب سول جج صاحب اسلام آباد بمقدمہ بعنوان مسمی مذکور بنام عوام الناس درخواست برائے اجراء سرٹیفکیٹ وراثت زیر دفعہ 278 کے تحت زیر سماعت ہے لہذا بذریعہ اشتہار ہذا مطلع کیا جاتا ہے کہ اگر کسی کو کوئی اعتراض ہو تو مورخہ 09-12-2025 بوقت 8:30 بجے صبح اصالتاً یا وکالتاً حاضر عدالت ہو کر پیش کرے بصورت دیگر کارروائی یکطرفہ عمل میں لائی جائے گی۔ ولد حاصل کرنے کیلئے متوفی کے قانونی ورثاء کی فہرست منسلک ہے اور تمام متعلقہ افراد کو اطلاع دی جاتی ہے کہ وہ مقررہ تاریخ پر عدالت میں حاضر ہوں۔

عدالت جناب سول جج صاحب اسلام آباد بمقدمہ بعنوان مسمی مذکور بنام عوام الناس درخواست برائے اجراء سرٹیفکیٹ وراثت زیر دفعہ 278 کے تحت زیر سماعت ہے لہذا بذریعہ اشتہار ہذا مطلع کیا جاتا ہے کہ اگر کسی کو کوئی اعتراض ہو تو مورخہ 09-12-2025 بوقت 8:30 بجے صبح اصالتاً یا وکالتاً حاضر عدالت ہو کر پیش کرے بصورت دیگر کارروائی یکطرفہ عمل میں لائی جائے گی۔ ولد حاصل کرنے کیلئے متوفی کے قانونی ورثاء کی فہرست منسلک ہے اور تمام متعلقہ افراد کو اطلاع دی جاتی ہے کہ وہ مقررہ تاریخ پر عدالت میں حاضر ہوں۔

چیپٹر 25
بلدیات

عدالت جناب سول جج صاحب اسلام آباد بمقدمہ بعنوان مسمی مذکور بنام عوام الناس درخواست برائے اجراء سرٹیفکیٹ وراثت زیر دفعہ 278 کے تحت زیر سماعت ہے لہذا بذریعہ اشتہار ہذا مطلع کیا جاتا ہے کہ اگر کسی کو کوئی اعتراض ہو تو مورخہ 09-12-2025 بوقت 8:30 بجے صبح اصالتاً یا وکالتاً حاضر عدالت ہو کر پیش کرے بصورت دیگر کارروائی یکطرفہ عمل میں لائی جائے گی۔ ولد حاصل کرنے کیلئے متوفی کے قانونی ورثاء کی فہرست منسلک ہے اور تمام متعلقہ افراد کو اطلاع دی جاتی ہے کہ وہ مقررہ تاریخ پر عدالت میں حاضر ہوں۔

چیپٹر 26
ٹرانسپورٹ

عدالت جناب سول جج صاحب اسلام آباد بمقدمہ بعنوان مسمی مذکور بنام عوام الناس درخواست برائے اجراء سرٹیفکیٹ وراثت زیر دفعہ 278 کے تحت زیر سماعت ہے لہذا بذریعہ اشتہار ہذا مطلع کیا جاتا ہے کہ اگر کسی کو کوئی اعتراض ہو تو مورخہ 09-12-2025 بوقت 8:30 بجے صبح اصالتاً یا وکالتاً حاضر عدالت ہو کر پیش کرے بصورت دیگر کارروائی یکطرفہ عمل میں لائی جائے گی۔ ولد حاصل کرنے کیلئے متوفی کے قانونی ورثاء کی فہرست منسلک ہے اور تمام متعلقہ افراد کو اطلاع دی جاتی ہے کہ وہ مقررہ تاریخ پر عدالت میں حاضر ہوں۔

عدالت جناب سول جج صاحب اسلام آباد بمقدمہ بعنوان مسمی مذکور بنام عوام الناس درخواست برائے اجراء سرٹیفکیٹ وراثت زیر دفعہ 278 کے تحت زیر سماعت ہے لہذا بذریعہ اشتہار ہذا مطلع کیا جاتا ہے کہ اگر کسی کو کوئی اعتراض ہو تو مورخہ 09-12-2025 بوقت 8:30 بجے صبح اصالتاً یا وکالتاً حاضر عدالت ہو کر پیش کرے بصورت دیگر کارروائی یکطرفہ عمل میں لائی جائے گی۔ ولد حاصل کرنے کیلئے متوفی کے قانونی ورثاء کی فہرست منسلک ہے اور تمام متعلقہ افراد کو اطلاع دی جاتی ہے کہ وہ مقررہ تاریخ پر عدالت میں حاضر ہوں۔

چیپٹر 27
پانی

عدالت جناب سول جج صاحب اسلام آباد بمقدمہ بعنوان مسمی مذکور بنام عوام الناس درخواست برائے اجراء سرٹیفکیٹ وراثت زیر دفعہ 278 کے تحت زیر سماعت ہے لہذا بذریعہ اشتہار ہذا مطلع کیا جاتا ہے کہ اگر کسی کو کوئی اعتراض ہو تو مورخہ 09-12-2025 بوقت 8:30 بجے صبح اصالتاً یا وکالتاً حاضر عدالت ہو کر پیش کرے بصورت دیگر کارروائی یکطرفہ عمل میں لائی جائے گی۔ ولد حاصل کرنے کیلئے متوفی کے قانونی ورثاء کی فہرست منسلک ہے اور تمام متعلقہ افراد کو اطلاع دی جاتی ہے کہ وہ مقررہ تاریخ پر عدالت میں حاضر ہوں۔

چیپٹر 28
بجلی

عدالت جناب سول جج صاحب اسلام آباد بمقدمہ بعنوان مسمی مذکور بنام عوام الناس درخواست برائے اجراء سرٹیفکیٹ وراثت زیر دفعہ 278 کے تحت زیر سماعت ہے لہذا بذریعہ اشتہار ہذا مطلع کیا جاتا ہے کہ اگر کسی کو کوئی اعتراض ہو تو مورخہ 09-12-2025 بوقت 8:30 بجے صبح اصالتاً یا وکالتاً حاضر عدالت ہو کر پیش کرے بصورت دیگر کارروائی یکطرفہ عمل میں لائی جائے گی۔ ولد حاصل کرنے کیلئے متوفی کے قانونی ورثاء کی فہرست منسلک ہے اور تمام متعلقہ افراد کو اطلاع دی جاتی ہے کہ وہ مقررہ تاریخ پر عدالت میں حاضر ہوں۔

چیپٹر 29
صفائی

عدالت جناب سول جج صاحب اسلام آباد بمقدمہ بعنوان مسمی مذکور بنام عوام الناس درخواست برائے اجراء سرٹیفکیٹ وراثت زیر دفعہ 278 کے تحت زیر سماعت ہے لہذا بذریعہ اشتہار ہذا مطلع کیا جاتا ہے کہ اگر کسی کو کوئی اعتراض ہو تو مورخہ 09-12-2025 بوقت 8:30 بجے صبح اصالتاً یا وکالتاً حاضر عدالت ہو کر پیش کرے بصورت دیگر کارروائی یکطرفہ عمل میں لائی جائے گی۔ ولد حاصل کرنے کیلئے متوفی کے قانونی ورثاء کی فہرست منسلک ہے اور تمام متعلقہ افراد کو اطلاع دی جاتی ہے کہ وہ مقررہ تاریخ پر عدالت میں حاضر ہوں۔

مختصر اشتہارات
صرف -/100 روپے فی سطر
اشتہارات کی بکنگ کیلئے رابطہ کریں
021-36655270,71,72
کورٹ نوٹس

عدالت جناب سول جج صاحب اسلام آباد بمقدمہ بعنوان مسمی مذکور بنام عوام الناس درخواست برائے اجراء سرٹیفکیٹ وراثت زیر دفعہ 278 کے تحت زیر سماعت ہے لہذا بذریعہ اشتہار ہذا مطلع کیا جاتا ہے کہ اگر کسی کو کوئی اعتراض ہو تو مورخہ 09-12-2025 بوقت 8:30 بجے صبح اصالتاً یا وکالتاً حاضر عدالت ہو کر پیش کرے بصورت دیگر کارروائی یکطرفہ عمل میں لائی جائے گی۔ ولد حاصل کرنے کیلئے متوفی کے قانونی ورثاء کی فہرست منسلک ہے اور تمام متعلقہ افراد کو اطلاع دی جاتی ہے کہ وہ مقررہ تاریخ پر عدالت میں حاضر ہوں۔

STF

عدالت جناب سول جج صاحب اسلام آباد بمقدمہ بعنوان مسمی مذکور بنام عوام الناس درخواست برائے اجراء سرٹیفکیٹ وراثت زیر دفعہ 278 کے تحت زیر سماعت ہے لہذا بذریعہ اشتہار ہذا مطلع کیا جاتا ہے کہ اگر کسی کو کوئی اعتراض ہو تو مورخہ 09-12-2025 بوقت 8:30 بجے صبح اصالتاً یا وکالتاً حاضر عدالت ہو کر پیش کرے بصورت دیگر کارروائی یکطرفہ عمل میں لائی جائے گی۔ ولد حاصل کرنے کیلئے متوفی کے قانونی ورثاء کی فہرست منسلک ہے اور تمام متعلقہ افراد کو اطلاع دی جاتی ہے کہ وہ مقررہ تاریخ پر عدالت میں حاضر ہوں۔

STF

عدالت جناب سول جج صاحب اسلام آباد بمقدمہ بعنوان مسمی مذکور بنام عوام الناس درخواست برائے اجراء سرٹیفکیٹ وراثت زیر دفعہ 278 کے تحت زیر سماعت ہے لہذا بذریعہ اشتہار ہذا مطلع کیا جاتا ہے کہ اگر کسی کو کوئی اعتراض ہو تو مورخہ 09-12-2025 بوقت 8:30 بجے صبح اصالتاً یا وکالتاً حاضر عدالت ہو کر پیش کرے بصورت دیگر کارروائی یکطرفہ عمل میں لائی جائے گی۔ ولد حاصل کرنے کیلئے متوفی کے قانونی ورثاء کی فہرست منسلک ہے اور تمام متعلقہ افراد کو اطلاع دی جاتی ہے کہ وہ مقررہ تاریخ پر عدالت میں حاضر ہوں۔

STF

عدالت جناب سول جج صاحب اسلام آباد بمقدمہ بعنوان مسمی مذکور بنام عوام الناس درخواست برائے اجراء سرٹیفکیٹ وراثت زیر دفعہ 278 کے تحت زیر سماعت ہے لہذا بذریعہ اشتہار ہذا مطلع کیا جاتا ہے کہ اگر کسی کو کوئی اعتراض ہو تو مورخہ 09-12-2025 بوقت 8:30 بجے صبح اصالتاً یا وکالتاً حاضر عدالت ہو کر پیش کرے بصورت دیگر کارروائی یکطرفہ عمل میں لائی جائے گی۔ ولد حاصل کرنے کیلئے متوفی کے قانونی ورثاء کی فہرست منسلک ہے اور تمام متعلقہ افراد کو اطلاع دی جاتی ہے کہ وہ مقررہ تاریخ پر عدالت میں حاضر ہوں۔

STF

عدالت جناب سول جج صاحب اسلام آباد بمقدمہ بعنوان مسمی مذکور بنام عوام الناس درخواست برائے اجراء سرٹیفکیٹ وراثت زیر دفعہ 278 کے تحت زیر سماعت ہے لہذا بذریعہ اشتہار ہذا مطلع کیا جاتا ہے کہ اگر کسی کو کوئی اعتراض ہو تو مورخہ 09-12-2025 بوقت 8:30 بجے صبح اصالتاً یا وکالتاً حاضر عدالت ہو کر پیش کرے بصورت دیگر کارروائی یکطرفہ عمل میں لائی جائے گی۔ ولد حاصل کرنے کیلئے متوفی کے قانونی ورثاء کی فہرست منسلک ہے اور تمام متعلقہ افراد کو اطلاع دی جاتی ہے کہ وہ مقررہ تاریخ پر عدالت میں حاضر ہوں۔

STF
چیپٹر 30
عوامی شکایات

عدالت جناب سول جج صاحب اسلام آباد بمقدمہ بعنوان مسمی مذکور بنام عوام الناس درخواست برائے اجراء سرٹیفکیٹ وراثت زیر دفعہ 278 کے تحت زیر سماعت ہے لہذا بذریعہ اشتہار ہذا مطلع کیا جاتا ہے کہ اگر کسی کو کوئی اعتراض ہو تو مورخہ 09-12-2025 بوقت 8:30 بجے صبح اصالتاً یا وکالتاً حاضر عدالت ہو کر پیش کرے بصورت دیگر کارروائی یکطرفہ عمل میں لائی جائے گی۔ ولد حاصل کرنے کیلئے متوفی کے قانونی ورثاء کی فہرست منسلک ہے اور تمام متعلقہ افراد کو اطلاع دی جاتی ہے کہ وہ مقررہ تاریخ پر عدالت میں حاضر ہوں۔

عدالت جناب سول جج صاحب اسلام آباد بمقدمہ بعنوان مسمی مذکور بنام عوام الناس درخواست برائے اجراء سرٹیفکیٹ وراثت زیر دفعہ 278 کے تحت زیر سماعت ہے لہذا بذریعہ اشتہار ہذا مطلع کیا جاتا ہے کہ اگر کسی کو کوئی اعتراض ہو تو مورخہ 09-12-2025 بوقت 8:30 بجے صبح اصالتاً یا وکالتاً حاضر عدالت ہو کر پیش کرے بصورت دیگر کارروائی یکطرفہ عمل میں لائی جائے گی۔ ولد حاصل کرنے کیلئے متوفی کے قانونی ورثاء کی فہرست منسلک ہے اور تمام متعلقہ افراد کو اطلاع دی جاتی ہے کہ وہ مقررہ تاریخ پر عدالت میں حاضر ہوں۔

چیپٹر 31
متفرق

عدالت جناب سول جج صاحب اسلام آباد بمقدمہ بعنوان مسمی مذکور بنام عوام الناس درخواست برائے اجراء سرٹیفکیٹ وراثت زیر دفعہ 278 کے تحت زیر سماعت ہے لہذا بذریعہ اشتہار ہذا مطلع کیا جاتا ہے کہ اگر کسی کو کوئی اعتراض ہو تو مورخہ 09-12-2025 بوقت 8:30 بجے صبح اصالتاً یا وکالتاً حاضر عدالت ہو کر پیش کرے بصورت دیگر کارروائی یکطرفہ عمل میں لائی جائے گی۔ ولد حاصل کرنے کیلئے متوفی کے قانونی ورثاء کی فہرست منسلک ہے اور تمام متعلقہ افراد کو اطلاع دی جاتی ہے کہ وہ مقررہ تاریخ پر عدالت میں حاضر ہوں۔

کورٹ نوٹس

عدالت جناب سول جج صاحب اسلام آباد بمقدمہ بعنوان مسمی مذکور بنام عوام الناس درخواست برائے اجراء سرٹیفکیٹ وراثت زیر دفعہ 278 کے تحت زیر سماعت ہے لہذا بذریعہ اشتہار ہذا مطلع کیا جاتا ہے کہ اگر کسی کو کوئی اعتراض ہو تو مورخہ 09-12-2025 بوقت 8:30 بجے صبح اصالتاً یا وکالتاً حاضر عدالت ہو کر پیش کرے بصورت دیگر کارروائی یکطرفہ عمل میں لائی جائے گی۔ ولد حاصل کرنے کیلئے متوفی کے قانونی ورثاء کی فہرست منسلک ہے اور تمام متعلقہ افراد کو اطلاع دی جاتی ہے کہ وہ مقررہ تاریخ پر عدالت میں حاضر ہوں۔

STF

عدالت جناب سول جج صاحب اسلام آباد بمقدمہ بعنوان مسمی مذکور بنام عوام الناس درخواست برائے اجراء سرٹیفکیٹ وراثت زیر دفعہ 278 کے تحت زیر سماعت ہے لہذا بذریعہ اشتہار ہذا مطلع کیا جاتا ہے کہ اگر کسی کو کوئی اعتراض ہو تو مورخہ 09-12-2025 بوقت 8:30 بجے صبح اصالتاً یا وکالتاً حاضر عدالت ہو کر پیش کرے بصورت دیگر کارروائی یکطرفہ عمل میں لائی جائے گی۔ ولد حاصل کرنے کیلئے متوفی کے قانونی ورثاء کی فہرست منسلک ہے اور تمام متعلقہ افراد کو اطلاع دی جاتی ہے کہ وہ مقررہ تاریخ پر عدالت میں حاضر ہوں۔

STF

عدالت جناب سول جج صاحب اسلام آباد بمقدمہ بعنوان مسمی مذکور بنام عوام الناس درخواست برائے اجراء سرٹیفکیٹ وراثت زیر دفعہ 278 کے تحت زیر سماعت ہے لہذا بذریعہ اشتہار ہذا مطلع کیا جاتا ہے کہ اگر کسی کو کوئی اعتراض ہو تو مورخہ 09-12-2025 بوقت 8:30 بجے صبح اصالتاً یا وکالتاً حاضر عدالت ہو کر پیش کرے بصورت دیگر کارروائی یکطرفہ عمل میں لائی جائے گی۔ ولد حاصل کرنے کیلئے متوفی کے قانونی ورثاء کی فہرست منسلک ہے اور تمام متعلقہ افراد کو اطلاع دی جاتی ہے کہ وہ مقررہ تاریخ پر عدالت میں حاضر ہوں۔

STF

عدالت جناب سول جج صاحب اسلام آباد بمقدمہ بعنوان مسمی مذکور بنام عوام الناس درخواست برائے اجراء سرٹیفکیٹ وراثت زیر دفعہ 278 کے تحت زیر سماعت ہے لہذا بذریعہ اشتہار ہذا مطلع کیا جاتا ہے کہ اگر کسی کو کوئی اعتراض ہو تو مورخہ 09-12-2025 بوقت 8:30 بجے صبح اصالتاً یا وکالتاً حاضر عدالت ہو کر پیش کرے بصورت دیگر کارروائی یکطرفہ عمل میں لائی جائے گی۔ ولد حاصل کرنے کیلئے متوفی کے قانونی ورثاء کی فہرست منسلک ہے اور تمام متعلقہ افراد کو اطلاع دی جاتی ہے کہ وہ مقررہ تاریخ پر عدالت میں حاضر ہوں۔

STF

عدالت جناب سول جج صاحب اسلام آباد بمقدمہ بعنوان مسمی مذکور بنام عوام الناس درخواست برائے اجراء سرٹیفکیٹ وراثت زیر دفعہ 278 کے تحت زیر سماعت ہے لہذا بذریعہ اشتہار ہذا مطلع کیا جاتا ہے کہ اگر کسی کو کوئی اعتراض ہو تو مورخہ 09-12-2025 بوقت 8:30 بجے صبح اصالتاً یا وکالتاً حاضر عدالت ہو کر پیش کرے بصورت دیگر کارروائی یکطرفہ عمل میں لائی جائے گی۔ ولد حاصل کرنے کیلئے متوفی کے قانونی ورثاء کی فہرست منسلک ہے اور تمام متعلقہ افراد کو اطلاع دی جاتی ہے کہ وہ مقررہ تاریخ پر عدالت میں حاضر ہوں۔

STF

عدالت جناب سول جج صاحب اسلام آباد بمقدمہ بعنوان مسمی مذکور بنام عوام الناس درخواست برائے اجراء سرٹیفکیٹ وراثت زیر دفعہ 278 کے تحت زیر سماعت ہے لہذا بذریعہ اشتہار ہذا مطلع کیا جاتا ہے کہ اگر کسی کو کوئی اعتراض ہو تو مورخہ 09-12-2025 بوقت 8:30 بجے صبح اصالتاً یا وکالتاً حاضر عدالت ہو کر پیش کرے بصورت دیگر کارروائی یکطرفہ عمل میں لائی جائے گی۔ ولد حاصل کرنے کیلئے متوفی کے قانونی ورثاء کی فہرست منسلک ہے اور تمام متعلقہ افراد کو اطلاع دی جاتی ہے کہ وہ مقررہ تاریخ پر عدالت میں حاضر ہوں۔

STF

عدالت جناب سول جج صاحب اسلام آباد بمقدمہ بعنوان مسمی مذکور بنام عوام الناس درخواست برائے اجراء سرٹیفکیٹ وراثت زیر دفعہ 278 کے تحت زیر سماعت ہے لہذا بذریعہ اشتہار ہذا مطلع کیا جاتا ہے کہ اگر کسی کو کوئی اعتراض ہو تو مورخہ 09-12-2025 بوقت 8:30 بجے صبح اصالتاً یا وکالتاً حاضر عدالت ہو کر پیش کرے بصورت دیگر کارروائی یکطرفہ عمل میں لائی جائے گی۔ ولد حاصل کرنے کیلئے متوفی کے قانونی ورثاء کی فہرست منسلک ہے اور تمام متعلقہ افراد کو اطلاع دی جاتی ہے کہ وہ مقررہ تاریخ پر عدالت میں حاضر ہوں۔

STF

عدالت جناب سول جج صاحب اسلام آباد بمقدمہ بعنوان مسمی مذکور بنام عوام الناس درخواست برائے اجراء سرٹیفکیٹ وراثت زیر دفعہ 278 کے تحت زیر سماعت ہے لہذا بذریعہ اشتہار ہذا مطلع کیا جاتا ہے کہ اگر کسی کو کوئی اعتراض ہو تو مورخہ 09-12-2025 بوقت 8:30 بجے صبح اصالتاً یا وکالتاً حاضر عدالت ہو کر پیش کرے بصورت دیگر کارروائی یکطرفہ عمل میں لائی جائے گی۔ ولد حاصل کرنے کیلئے متوفی کے قانونی ورثاء کی فہرست منسلک ہے اور تمام متعلقہ افراد کو اطلاع دی جاتی ہے کہ وہ مقررہ تاریخ پر عدالت میں حاضر ہوں۔

کورٹ نوٹس

عدالت جناب سول جج صاحب اسلام آباد بمقدمہ بعنوان مسمی مذکور بنام عوام الناس درخواست برائے اجراء سرٹیفکیٹ وراثت زیر دفعہ 278 کے تحت زیر سماعت ہے لہذا بذریعہ اشتہار ہذا مطلع کیا جاتا ہے کہ اگر کسی کو کوئی اعتراض ہو تو مورخہ 09-12-2025 بوقت 8:30 بجے صبح اصالتاً یا وکالتاً حاضر عدالت ہو کر پیش کرے بصورت دیگر کارروائی یکطرفہ عمل میں لائی جائے گی۔ ولد حاصل کرنے کیلئے متوفی کے قانونی ورثاء کی فہرست منسلک ہے اور تمام متعلقہ افراد کو اطلاع دی جاتی ہے کہ وہ مقررہ تاریخ پر عدالت میں حاضر ہوں۔

STF

عدالت جناب سول جج صاحب اسلام آباد بمقدمہ بعنوان مسمی مذکور بنام عوام الناس درخواست برائے اجراء سرٹیفکیٹ وراثت زیر دفعہ 278 کے تحت زیر سماعت ہے لہذا بذریعہ اشتہار ہذا مطلع کیا جاتا ہے کہ اگر کسی کو کوئی اعتراض ہو تو مورخہ 09-12-2025 بوقت 8:30 بجے صبح اصالتاً یا وکالتاً حاضر عدالت ہو کر پیش کرے بصورت دیگر کارروائی یکطرفہ عمل میں لائی جائے گی۔ ولد حاصل کرنے کیلئے متوفی کے قانونی ورثاء کی فہرست منسلک ہے اور تمام متعلقہ افراد کو اطلاع دی جاتی ہے کہ وہ مقررہ تاریخ پر عدالت میں حاضر ہوں۔

STF

عدالت جناب سول جج صاحب اسلام آباد بمقدمہ بعنوان مسمی مذکور بنام عوام الناس درخواست برائے اجراء سرٹیفکیٹ وراثت زیر دفعہ 278 کے تحت زیر سماعت ہے لہذا بذریعہ اشتہار ہذا مطلع کیا جاتا ہے کہ اگر کسی کو کوئی اعتراض ہو تو مورخہ 09-12-2025 بوقت 8:30 بجے صبح اصالتاً یا وکالتاً حاضر عدالت ہو کر پیش کرے بصورت دیگر کارروائی یکطرفہ عمل میں لائی جائے گی۔ ولد حاصل کرنے کیلئے متوفی کے قانونی ورثاء کی فہرست منسلک ہے اور تمام متعلقہ افراد کو اطلاع دی جاتی ہے کہ وہ مقررہ تاریخ پر عدالت میں حاضر ہوں۔

STF

عدالت جناب سول جج صاحب اسلام آباد بمقدمہ بعنوان مسمی مذکور بنام عوام الناس درخواست برائے اجراء سرٹیفکیٹ وراثت زیر دفعہ 278 کے تحت زیر سماعت ہے لہذا بذریعہ اشتہار ہذا مطلع کیا جاتا ہے کہ اگر کسی کو کوئی اعتراض ہو تو مورخہ 09-12-2025 بوقت 8:30 بجے صبح اصالتاً یا وکالتاً حاضر عدالت ہو کر پیش کرے بصورت دیگر کارروائی یکطرفہ عمل میں لائی جائے گی۔ ولد حاصل کرنے کیلئے متوفی کے قانونی ورثاء کی فہرست منسلک ہے اور تمام متعلقہ افراد کو اطلاع دی جاتی ہے کہ وہ مقررہ تاریخ پر عدالت میں حاضر ہوں۔

STF

عدالت جناب سول جج صاحب اسلام آباد بمقدمہ بعنوان مسمی مذکور بنام عوام الناس درخواست برائے اجراء سرٹیفکیٹ وراثت زیر دفعہ 278 کے تحت زیر سماعت ہے لہذا بذریعہ اشتہار ہذا مطلع کیا جاتا ہے کہ اگر کسی کو کوئی اعتراض ہو تو مورخہ 09-12-2025 بوقت 8:30 بجے صبح اصالتاً یا وکالتاً حاضر عدالت ہو کر پیش کرے بصورت دیگر کارروائی یکطرفہ عمل میں لائی جائے گی۔ ولد حاصل کرنے کیلئے متوفی کے قانونی ورثاء کی فہرست منسلک ہے اور تمام متعلقہ افراد کو اطلاع دی جاتی ہے کہ وہ مقررہ تاریخ پر عدالت میں حاضر ہوں۔

STF

عدالت جناب سول جج صاحب اسلام آباد بمقدمہ بعنوان مسمی مذکور بنام عوام الناس درخواست برائے اجراء سرٹیفکیٹ وراثت زیر دفعہ 278 کے تحت زیر سماعت ہے لہذا بذریعہ اشتہار ہذا مطلع کیا جاتا ہے کہ اگر کسی کو کوئی اعتراض ہو تو مورخہ 09-12-2025 بوقت 8:30 بجے صبح اصالتاً یا وکالتاً حاضر عدالت ہو کر پیش کرے بصورت دیگر کارروائی یکطرفہ عمل میں لائی جائے گی۔ ولد حاصل کرنے کیلئے متوفی کے قانونی ورثاء کی فہرست منسلک ہے اور تمام متعلقہ افراد کو اطلاع دی جاتی ہے کہ وہ مقررہ تاریخ پر عدالت میں حاضر ہوں۔

STF

عدالت جناب سول جج صاحب اسلام آباد بمقدمہ بعنوان مسمی مذکور بنام عوام الناس درخواست برائے اجراء سرٹیفکیٹ وراثت زیر دفعہ 278 کے تحت زیر سماعت ہے لہذا بذریعہ اشتہار ہذا مطلع کیا جاتا ہے کہ اگر کسی کو کوئی اعتراض ہو تو مورخہ 09-12-2025 بوقت 8:30 بجے صبح اصالتاً یا وکالتاً حاضر عدالت ہو کر پیش کرے بصورت دیگر کارروائی یکطرفہ عمل میں لائی جائے گی۔ ولد حاصل کرنے کیلئے متوفی کے قانونی ورثاء کی فہرست منسلک ہے اور تمام متعلقہ افراد کو اطلاع دی جاتی ہے کہ وہ مقررہ تاریخ پر عدالت میں حاضر ہوں۔

STF
چیپٹر 32
اطلاعات

عدالت جناب سول جج صاحب اسلام آباد بمقدمہ بعنوان مسمی مذکور بنام عوام الناس درخواست برائے اجراء سرٹیفکیٹ وراثت زیر دفعہ 278 کے تحت زیر سماعت ہے لہذا بذریعہ اشتہار ہذا مطلع کیا جاتا ہے کہ اگر کسی کو کوئی اعتراض ہو تو مورخہ 09-12-2025 بوقت 8:30 بجے صبح اصالتاً یا وکالتاً حاضر عدالت ہو کر پیش کرے بصورت دیگر کارروائی یکطرفہ عمل میں لائی جائے گی۔ ولد حاصل کرنے کیلئے متوفی کے قانونی ورثاء کی فہرست منسلک ہے اور تمام متعلقہ افراد کو اطلاع دی جاتی ہے کہ وہ مقررہ تاریخ پر عدالت میں حاضر ہوں۔

عدالت جناب سول جج صاحب اسلام آباد بمقدمہ بعنوان مسمی مذکور بنام عوام الناس درخواست برائے اجراء سرٹیفکیٹ وراثت زیر دفعہ 278 کے تحت زیر سماعت ہے لہذا بذریعہ اشتہار ہذا مطلع کیا جاتا ہے کہ اگر کسی کو کوئی اعتراض ہو تو مورخہ 09-12-2025 بوقت 8:30 بجے صبح اصالتاً یا وکالتاً حاضر عدالت ہو کر پیش کرے بصورت دیگر کارروائی یکطرفہ عمل میں لائی جائے گی۔ ولد حاصل کرنے کیلئے متوفی کے قانونی ورثاء کی فہرست منسلک ہے اور تمام متعلقہ افراد کو اطلاع دی جاتی ہے کہ وہ مقررہ تاریخ پر عدالت میں حاضر ہوں۔
